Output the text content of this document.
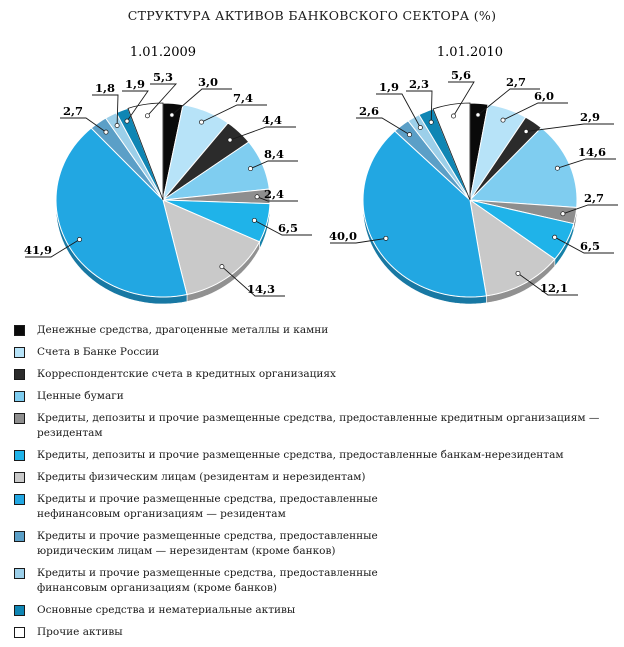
СТРУКТУРА АКТИВОВ БАНКОВСКОГО СЕКТОРА (%)
1.01.2009
3,0
7,4
4,4
8,4
2,4
6,5
14,3
41,9
2,7
1,8 1,9 5,3
1.01.2010
2,7
6,0
2,9
14,6
2,7
6,5
12,1
40,0
2,6
1,9 2,3
5,6
Денежные средства, драгоценные металлы и камни
Счета в Банке России
Корреспондентские счета в кредитных организациях
Ценные бумаги
Кредиты, депозиты и прочие размещенные средства, предоставленные кредитным организациям — резидентам
Кредиты, депозиты и прочие размещенные средства, предоставленные банкам-нерезидентам
Кредиты физическим лицам (резидентам и нерезидентам)
Кредиты и прочие размещенные средства, предоставленные
нефинансовым организациям — резидентам
Кредиты и прочие размещенные средства, предоставленные
юридическим лицам — нерезидентам (кроме банков)
Кредиты и прочие размещенные средства, предоставленные
финансовым организациям (кроме банков)
Основные средства и нематериальные активы
Прочие активы
